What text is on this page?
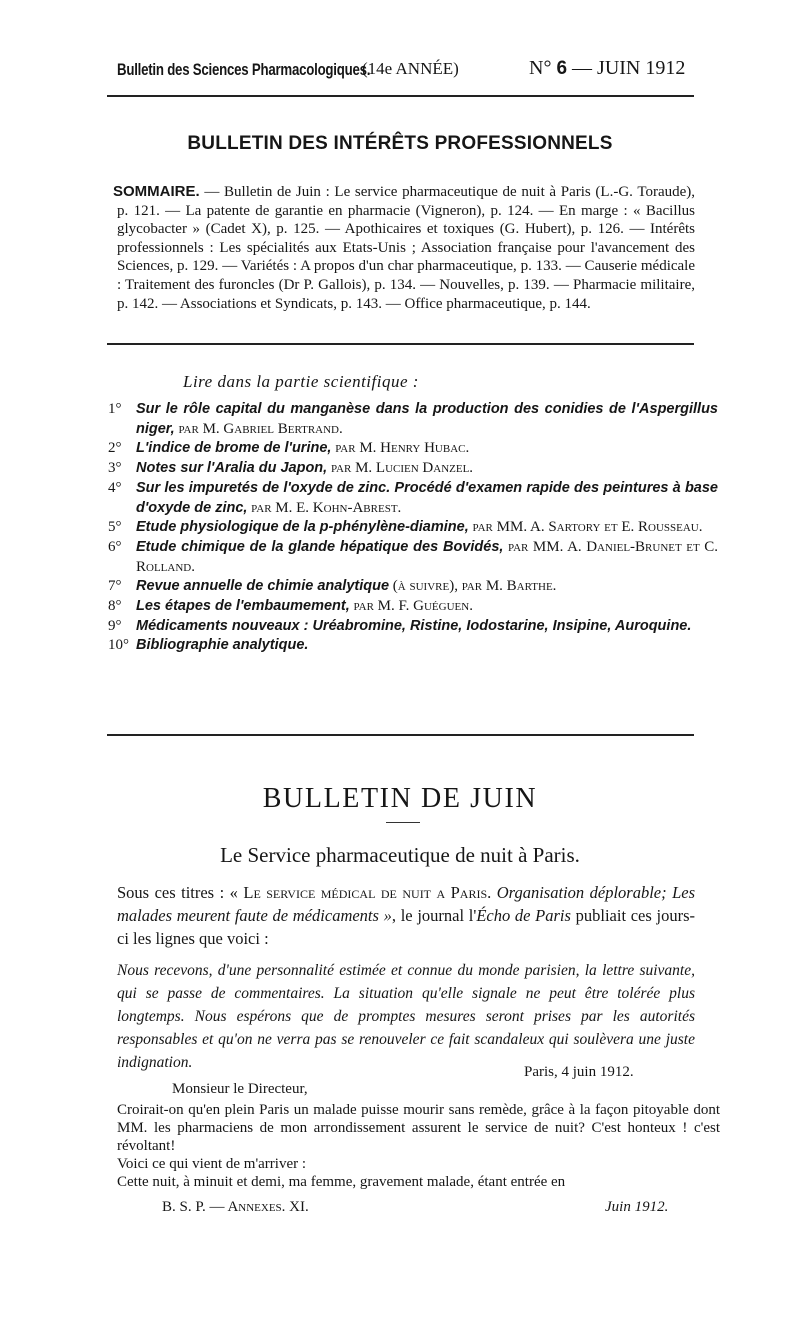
Bulletin des Sciences Pharmacologiques.
(14e ANNÉE)	N° 6 — JUIN 1912
BULLETIN DES INTÉRÊTS PROFESSIONNELS

SOMMAIRE. — Bulletin de Juin : Le service pharmaceutique de nuit à Paris (L.-G. Toraude), p. 121. — La patente de garantie en pharmacie (Vigneron), p. 124. — En marge : « Bacillus glycobacter » (Cadet X), p. 125. — Apothicaires et toxiques (G. Hubert), p. 126. — Intérêts professionnels : Les spécialités aux Etats-Unis ; Association française pour l'avancement des Sciences, p. 129. — Variétés : A propos d'un char pharmaceutique, p. 133. — Causerie médicale : Traitement des furoncles (Dr P. Gallois), p. 134. — Nouvelles, p. 139. — Pharmacie militaire, p. 142. — Associations et Syndicats, p. 143. — Office pharmaceutique, p. 144.

Lire dans la partie scientifique :
1° Sur le rôle capital du manganèse dans la production des conidies de l'Aspergillus niger, par M. Gabriel Bertrand.
2° L'indice de brome de l'urine, par M. Henry Hubac.
3° Notes sur l'Aralia du Japon, par M. Lucien Danzel.
4° Sur les impuretés de l'oxyde de zinc. Procédé d'examen rapide des peintures à base d'oxyde de zinc, par M. E. Kohn-Abrest.
5° Etude physiologique de la p-phénylène-diamine, par MM. A. Sartory et E. Rousseau.
6° Etude chimique de la glande hépatique des Bovidés, par MM. A. Daniel-Brunet et C. Rolland.
7° Revue annuelle de chimie analytique (à suivre), par M. Barthe.
8° Les étapes de l'embaumement, par M. F. Guéguen.
9° Médicaments nouveaux : Uréabromine, Ristine, Iodostarine, Insipine, Auroquine.
10° Bibliographie analytique.
BULLETIN DE JUIN
Le Service pharmaceutique de nuit à Paris.
Sous ces titres : « Le service médical de nuit a Paris. Organisation déplorable; Les malades meurent faute de médicaments », le journal l'Écho de Paris publiait ces jours-ci les lignes que voici :
Nous recevons, d'une personnalité estimée et connue du monde parisien, la lettre suivante, qui se passe de commentaires. La situation qu'elle signale ne peut être tolérée plus longtemps. Nous espérons que de promptes mesures seront prises par les autorités responsables et qu'on ne verra pas se renouveler ce fait scandaleux qui soulèvera une juste indignation.
Paris, 4 juin 1912.
Monsieur le Directeur,

Croirait-on qu'en plein Paris un malade puisse mourir sans remède, grâce à la façon pitoyable dont MM. les pharmaciens de mon arrondissement assurent le service de nuit? C'est honteux ! c'est révoltant!

Voici ce qui vient de m'arriver :

Cette nuit, à minuit et demi, ma femme, gravement malade, étant entrée en

B. S. P. — Annexes. XI.	Juin 1912.
